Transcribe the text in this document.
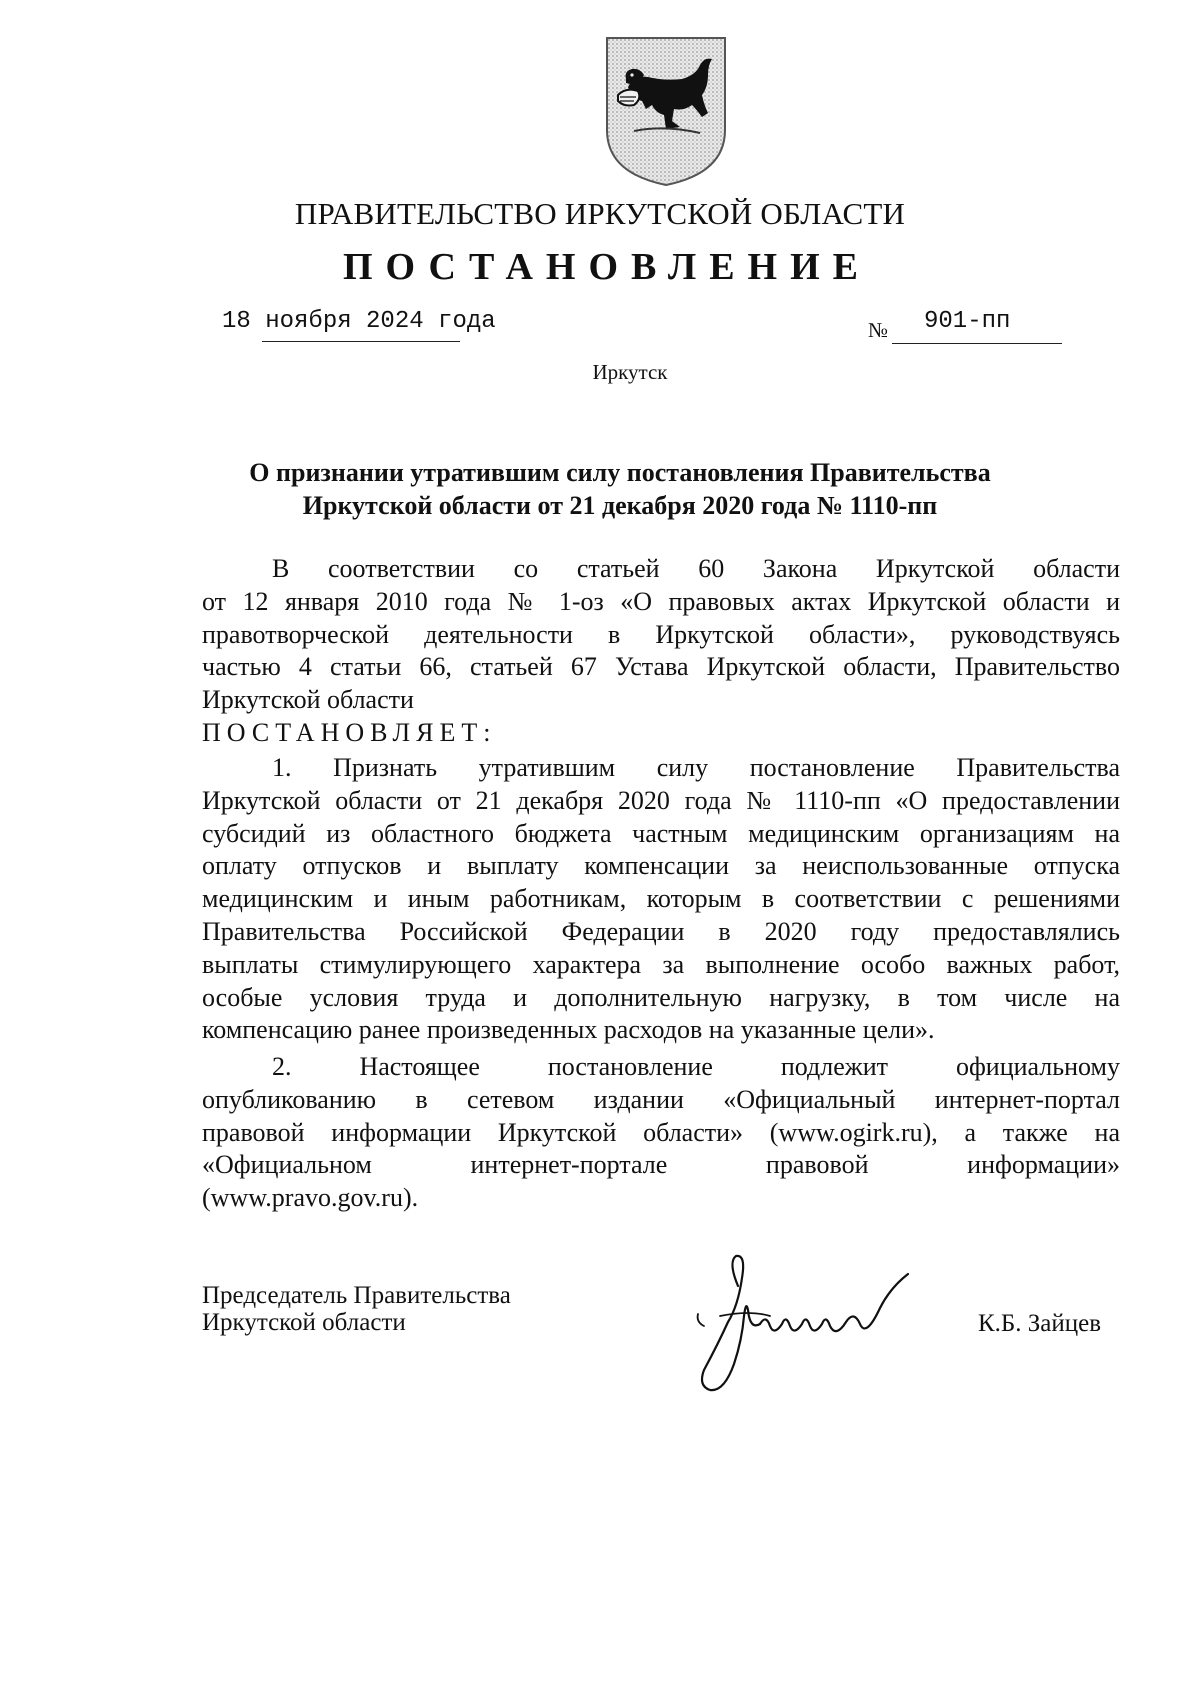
ПРАВИТЕЛЬСТВО ИРКУТСКОЙ ОБЛАСТИ
ПОСТАНОВЛЕНИЕ
18 ноября 2024 года	№ 901-пп
Иркутск
О признании утратившим силу постановления Правительства
Иркутской области от 21 декабря 2020 года № 1110-пп
В соответствии со статьей 60 Закона Иркутской области
от 12 января 2010 года № 1-оз «О правовых актах Иркутской области и
правотворческой деятельности в Иркутской области», руководствуясь
частью 4 статьи 66, статьей 67 Устава Иркутской области, Правительство
Иркутской области
ПОСТАНОВЛЯЕТ:
1. Признать утратившим силу постановление Правительства
Иркутской области от 21 декабря 2020 года № 1110-пп «О предоставлении
субсидий из областного бюджета частным медицинским организациям на
оплату отпусков и выплату компенсации за неиспользованные отпуска
медицинским и иным работникам, которым в соответствии с решениями
Правительства Российской Федерации в 2020 году предоставлялись
выплаты стимулирующего характера за выполнение особо важных работ,
особые условия труда и дополнительную нагрузку, в том числе на
компенсацию ранее произведенных расходов на указанные цели».
2. Настоящее постановление подлежит официальному
опубликованию в сетевом издании «Официальный интернет-портал
правовой информации Иркутской области» (www.ogirk.ru), а также на
«Официальном интернет-портале правовой информации»
(www.pravo.gov.ru).
Председатель Правительства
Иркутской области	К.Б. Зайцев
